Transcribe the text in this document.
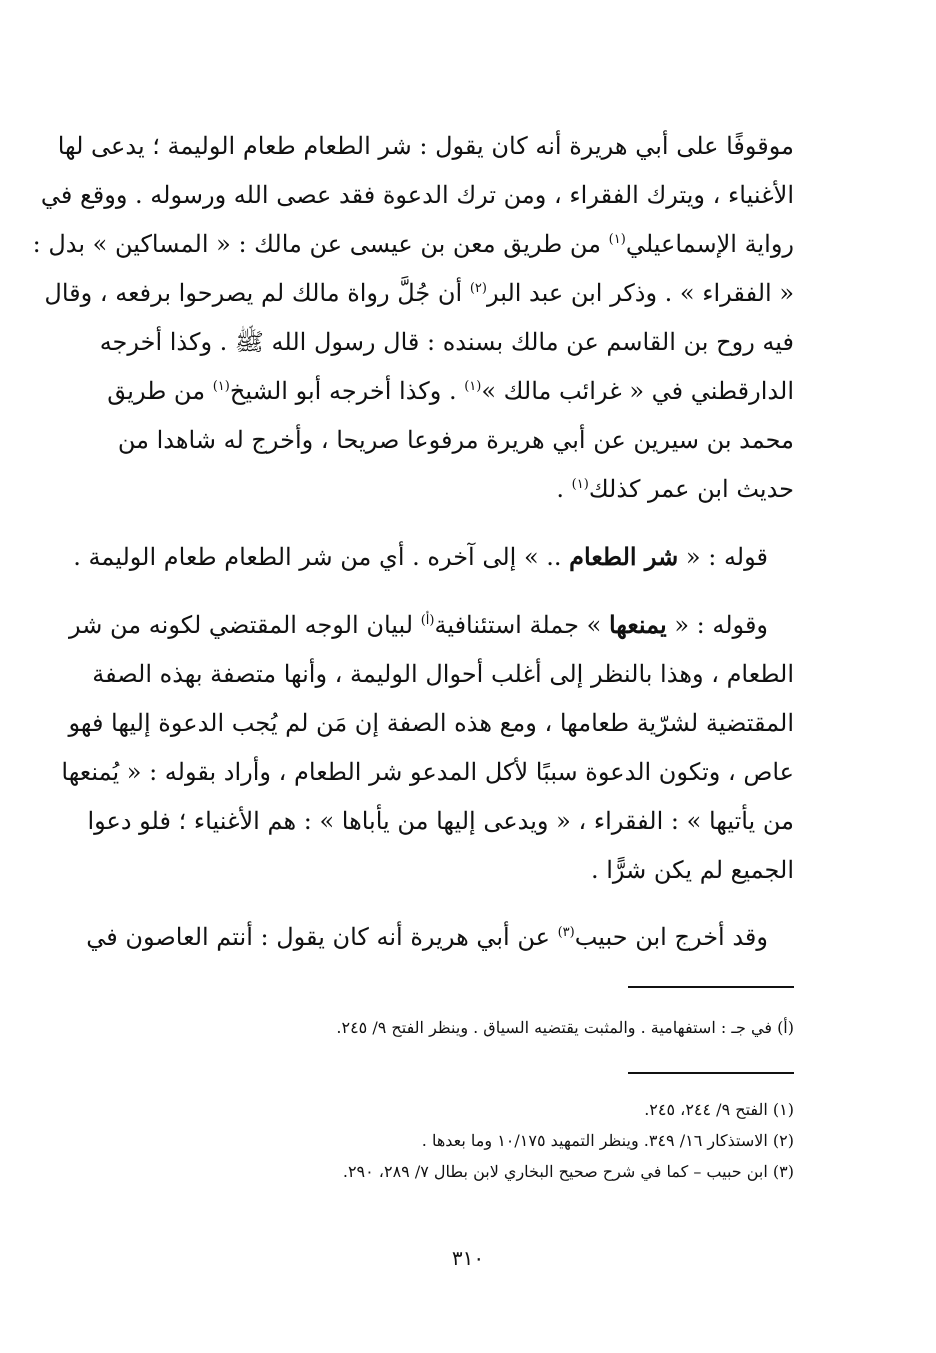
موقوفًا على أبي هريرة أنه كان يقول : شر الطعام طعام الوليمة ؛ يدعى لها
الأغنياء ، ويترك الفقراء ، ومن ترك الدعوة فقد عصى الله ورسوله . ووقع في
رواية الإسماعيلي$^{(١)}$ من طريق معن بن عيسى عن مالك : « المساكين » بدل :
« الفقراء » . وذكر ابن عبد البر$^{(٢)}$ أن جُلَّ رواة مالك لم يصرحوا برفعه ، وقال
فيه روح بن القاسم عن مالك بسنده : قال رسول الله ﷺ . وكذا أخرجه
الدارقطني في « غرائب مالك »$^{(١)}$ . وكذا أخرجه أبو الشيخ$^{(١)}$ من طريق
محمد بن سيرين عن أبي هريرة مرفوعا صريحا ، وأخرج له شاهدا من
حديث ابن عمر كذلك$^{(١)}$ .
قوله : « شر الطعام .. » إلى آخره . أي من شر الطعام طعام الوليمة .
وقوله : « يمنعها » جملة استئنافية$^{(أ)}$ لبيان الوجه المقتضي لكونه من شر
الطعام ، وهذا بالنظر إلى أغلب أحوال الوليمة ، وأنها متصفة بهذه الصفة
المقتضية لشرّية طعامها ، ومع هذه الصفة إن مَن لم يُجب الدعوة إليها فهو
عاص ، وتكون الدعوة سببًا لأكل المدعو شر الطعام ، وأراد بقوله : « يُمنعها
من يأتيها » : الفقراء ، « ويدعى إليها من يأباها » : هم الأغنياء ؛ فلو دعوا
الجميع لم يكن شرًّا .
وقد أخرج ابن حبيب$^{(٣)}$ عن أبي هريرة أنه كان يقول : أنتم العاصون في
(أ) في جـ : استفهامية . والمثبت يقتضيه السياق . وينظر الفتح ٩/ ٢٤٥.
(١) الفتح ٩/ ٢٤٤، ٢٤٥.
(٢) الاستذكار ١٦/ ٣٤٩. وينظر التمهيد ١٠/١٧٥ وما بعدها .
(٣) ابن حبيب – كما في شرح صحيح البخاري لابن بطال ٧/ ٢٨٩، ٢٩٠.
٣١٠
